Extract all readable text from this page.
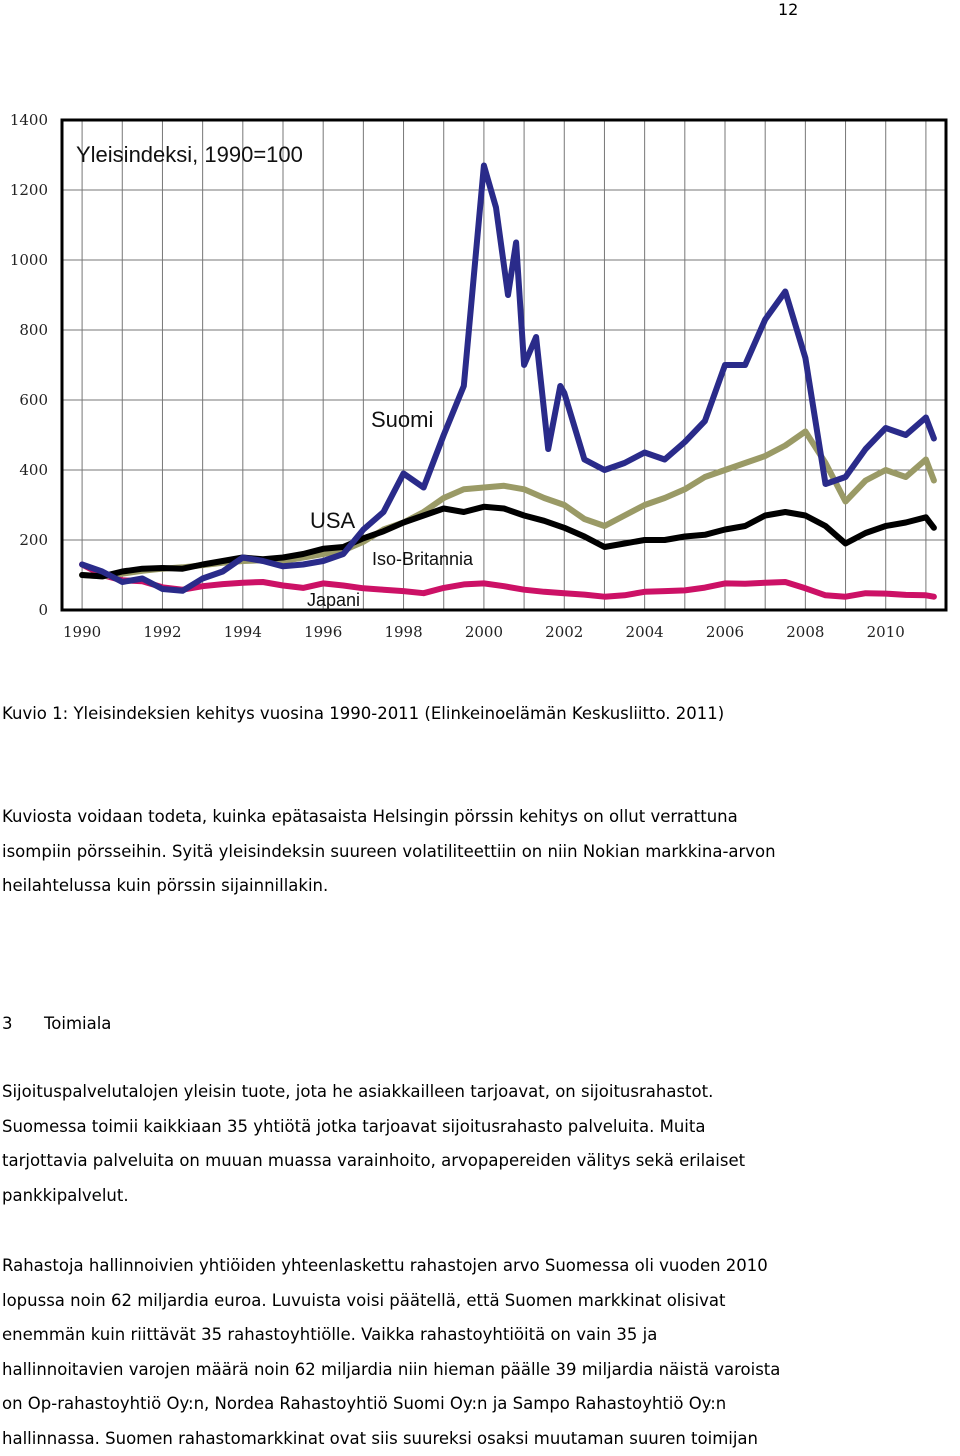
12
0
200
400
600
800
1000
1200
1400
1990	1992	1994	1996	1998	2000	2002	2004	2006	2008	2010
Yleisindeksi, 1990=100
Suomi
USA
Iso-Britannia
Japani
Kuvio 1: Yleisindeksien kehitys vuosina 1990-2011 (Elinkeinoelämän Keskusliitto. 2011)
Kuviosta voidaan todeta, kuinka epätasaista Helsingin pörssin kehitys on ollut verrattuna
isompiin pörsseihin. Syitä yleisindeksin suureen volatiliteettiin on niin Nokian markkina-arvon
heilahtelussa kuin pörssin sijainnillakin.
3 Toimiala
Sijoituspalvelutalojen yleisin tuote, jota he asiakkailleen tarjoavat, on sijoitusrahastot.
Suomessa toimii kaikkiaan 35 yhtiötä jotka tarjoavat sijoitusrahasto palveluita. Muita
tarjottavia palveluita on muuan muassa varainhoito, arvopapereiden välitys sekä erilaiset
pankkipalvelut.
Rahastoja hallinnoivien yhtiöiden yhteenlaskettu rahastojen arvo Suomessa oli vuoden 2010
lopussa noin 62 miljardia euroa. Luvuista voisi päätellä, että Suomen markkinat olisivat
enemmän kuin riittävät 35 rahastoyhtiölle. Vaikka rahastoyhtiöitä on vain 35 ja
hallinnoitavien varojen määrä noin 62 miljardia niin hieman päälle 39 miljardia näistä varoista
on Op-rahastoyhtiö Oy:n, Nordea Rahastoyhtiö Suomi Oy:n ja Sampo Rahastoyhtiö Oy:n
hallinnassa. Suomen rahastomarkkinat ovat siis suureksi osaksi muutaman suuren toimijan
